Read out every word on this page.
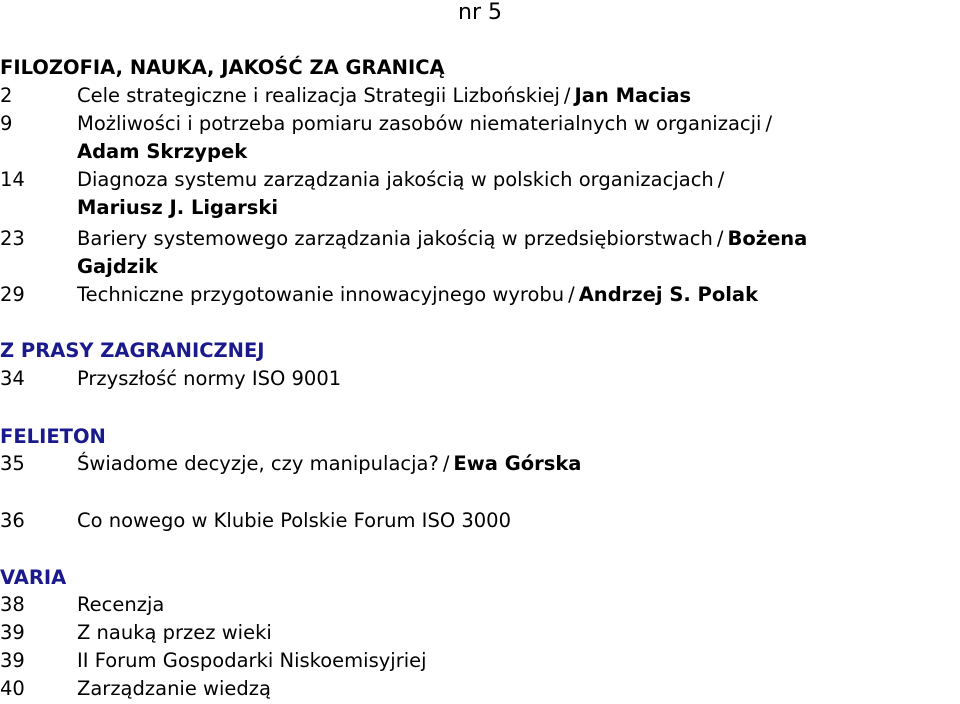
nr 5
FILOZOFIA, NAUKA, JAKOŚĆ ZA GRANICĄ
2	Cele strategiczne i realizacja Strategii Lizbońskiej / Jan Macias
9	Możliwości i potrzeba pomiaru zasobów niematerialnych w organizacji /
Adam Skrzypek
14	Diagnoza systemu zarządzania jakością w polskich organizacjach /
Mariusz J. Ligarski
23	Bariery systemowego zarządzania jakością w przedsiębiorstwach / Bożena
Gajdzik
29	Techniczne przygotowanie innowacyjnego wyrobu / Andrzej S. Polak
Z PRASY ZAGRANICZNEJ
34	Przyszłość normy ISO 9001
FELIETON
35	Świadome decyzje, czy manipulacja? / Ewa Górska
36	Co nowego w Klubie Polskie Forum ISO 3000
VARIA
38	Recenzja
39	Z nauką przez wieki
39	II Forum Gospodarki Niskoemisyjriej
40	Zarządzanie wiedzą
